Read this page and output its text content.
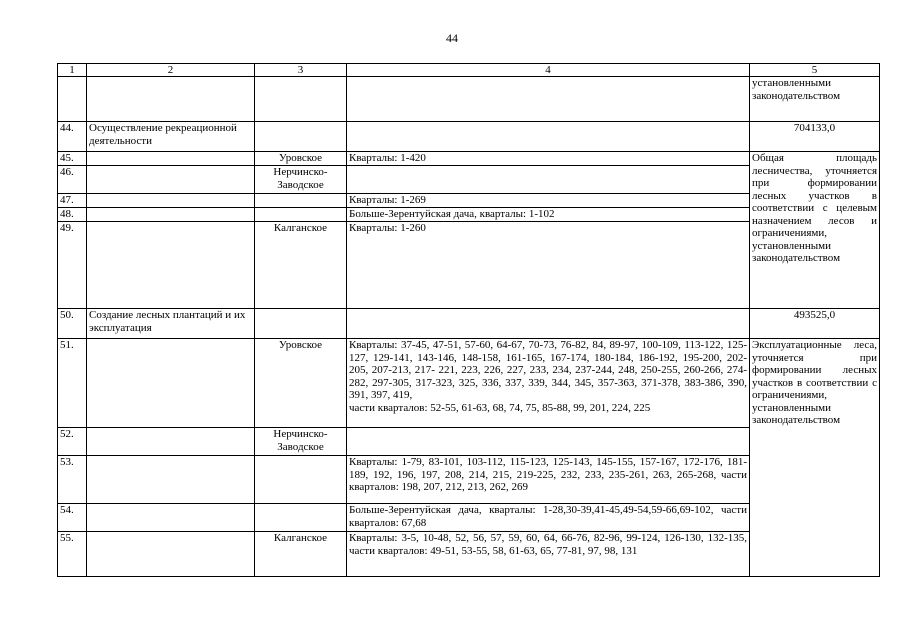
44
1	2	3	4	5
				установленными законодательством
44.	Осуществление рекреационной деятельности			704133,0
45.		Уровское	Кварталы: 1-420	Общая площадь лесничества, уточняется при формировании лесных участков в соответствии с целевым назначением лесов и ограничениями, установленными законодательством
46.		Нерчинско-Заводское		
47.			Кварталы: 1-269	
48.			Больше-Зерентуйская дача, кварталы: 1-102	
49.		Калганское	Кварталы: 1-260	
50.	Создание лесных плантаций и их эксплуатация			493525,0
51.		Уровское	Кварталы: 37-45, 47-51, 57-60, 64-67, 70-73, 76-82, 84, 89-97, 100-109, 113-122, 125-127, 129-141, 143-146, 148-158, 161-165, 167-174, 180-184, 186-192, 195-200, 202-205, 207-213, 217- 221, 223, 226, 227, 233, 234, 237-244, 248, 250-255, 260-266, 274-282, 297-305, 317-323, 325, 336, 337, 339, 344, 345, 357-363, 371-378, 383-386, 390, 391, 397, 419,
части кварталов: 52-55, 61-63, 68, 74, 75, 85-88, 99, 201, 224, 225	Эксплуатационные леса, уточняется при формировании лесных участков в соответствии с ограничениями, установленными законодательством
52.		Нерчинско-Заводское		
53.			Кварталы: 1-79, 83-101, 103-112, 115-123, 125-143, 145-155, 157-167, 172-176, 181-189, 192, 196, 197, 208, 214, 215, 219-225, 232, 233, 235-261, 263, 265-268, части кварталов: 198, 207, 212, 213, 262, 269	
54.			Больше-Зерентуйская дача, кварталы: 1-28,30-39,41-45,49-54,59-66,69-102, части кварталов: 67,68	
55.		Калганское	Кварталы: 3-5, 10-48, 52, 56, 57, 59, 60, 64, 66-76, 82-96, 99-124, 126-130, 132-135, части кварталов: 49-51, 53-55, 58, 61-63, 65, 77-81, 97, 98, 131	
